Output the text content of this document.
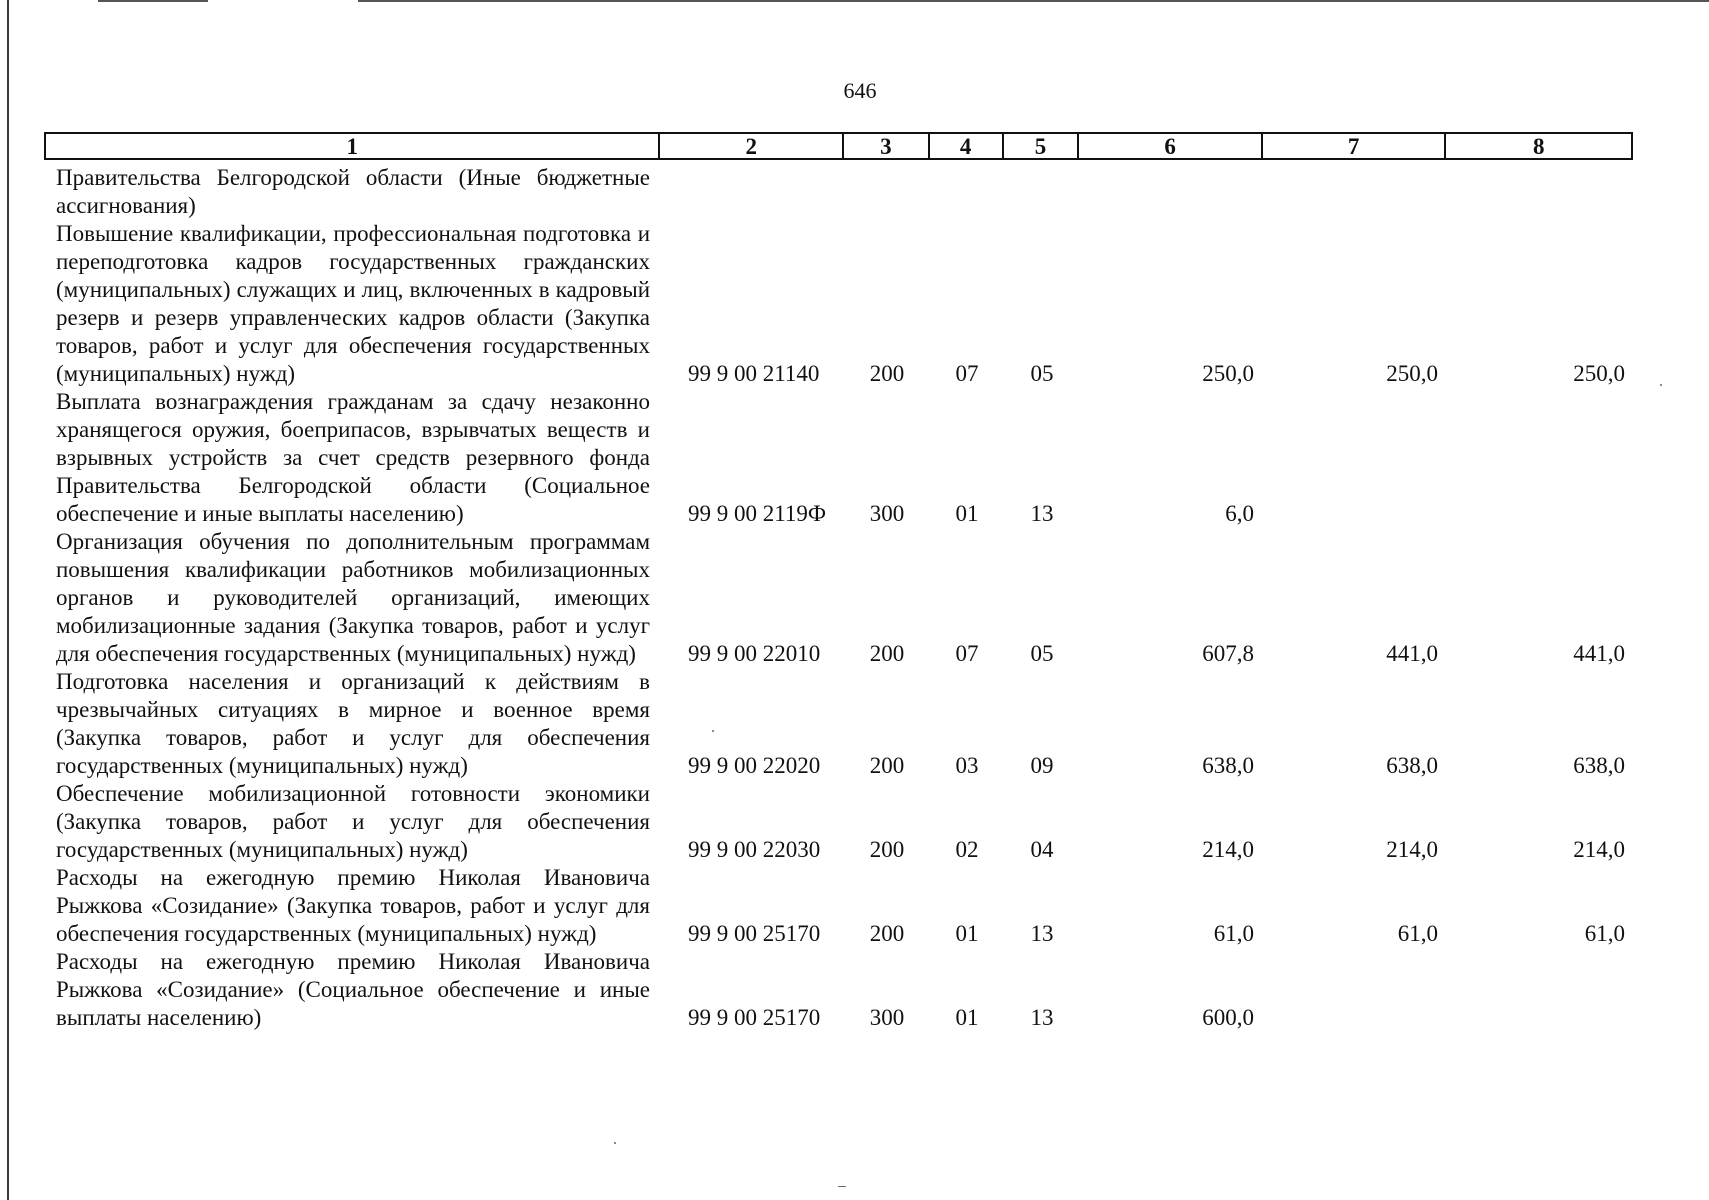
646
1	2	3	4	5	6	7	8
Правительства Белгородской области (Иные бюджетные ассигнования)
Повышение квалификации, профессиональная подготовка и переподготовка кадров государственных гражданских (муниципальных) служащих и лиц, включенных в кадровый резерв и резерв управленческих кадров области (Закупка товаров, работ и услуг для обеспечения государственных (муниципальных) нужд)	99 9 00 21140	200	07	05	250,0	250,0	250,0
Выплата вознаграждения гражданам за сдачу незаконно хранящегося оружия, боеприпасов, взрывчатых веществ и взрывных устройств за счет средств резервного фонда Правительства Белгородской области (Социальное обеспечение и иные выплаты населению)	99 9 00 2119Ф	300	01	13	6,0
Организация обучения по дополнительным программам повышения квалификации работников мобилизационных органов и руководителей организаций, имеющих мобилизационные задания (Закупка товаров, работ и услуг для обеспечения государственных (муниципальных) нужд)	99 9 00 22010	200	07	05	607,8	441,0	441,0
Подготовка населения и организаций к действиям в чрезвычайных ситуациях в мирное и военное время (Закупка товаров, работ и услуг для обеспечения государственных (муниципальных) нужд)	99 9 00 22020	200	03	09	638,0	638,0	638,0
Обеспечение мобилизационной готовности экономики (Закупка товаров, работ и услуг для обеспечения государственных (муниципальных) нужд)	99 9 00 22030	200	02	04	214,0	214,0	214,0
Расходы на ежегодную премию Николая Ивановича Рыжкова «Созидание» (Закупка товаров, работ и услуг для обеспечения государственных (муниципальных) нужд)	99 9 00 25170	200	01	13	61,0	61,0	61,0
Расходы на ежегодную премию Николая Ивановича Рыжкова «Созидание» (Социальное обеспечение и иные выплаты населению)	99 9 00 25170	300	01	13	600,0
